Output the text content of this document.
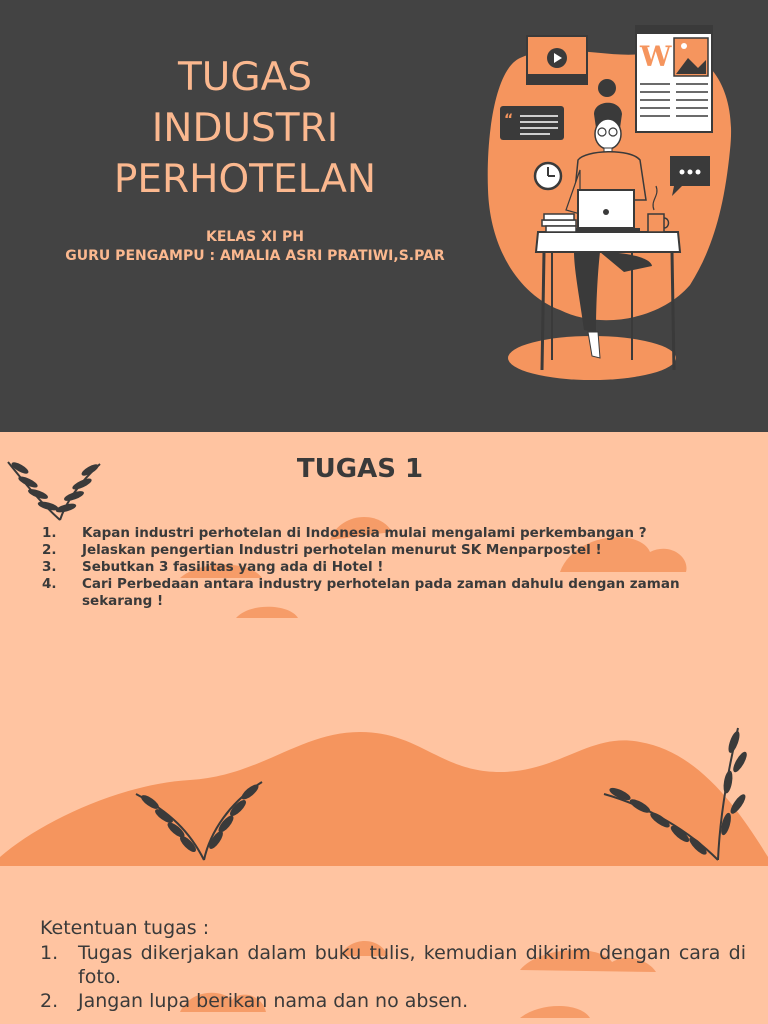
TUGAS
INDUSTRI
PERHOTELAN
KELAS XI PH
GURU PENGAMPU : AMALIA ASRI PRATIWI,S.PAR
W
“
TUGAS 1
1. Kapan industri perhotelan di Indonesia mulai mengalami perkembangan ?
2. Jelaskan pengertian Industri perhotelan menurut SK Menparpostel !
3. Sebutkan 3 fasilitas yang ada di Hotel !
4. Cari Perbedaan antara industry perhotelan pada zaman dahulu dengan zaman sekarang !
Ketentuan tugas :
1. Tugas dikerjakan dalam buku tulis, kemudian dikirim dengan cara di foto.
2. Jangan lupa berikan nama dan no absen.
